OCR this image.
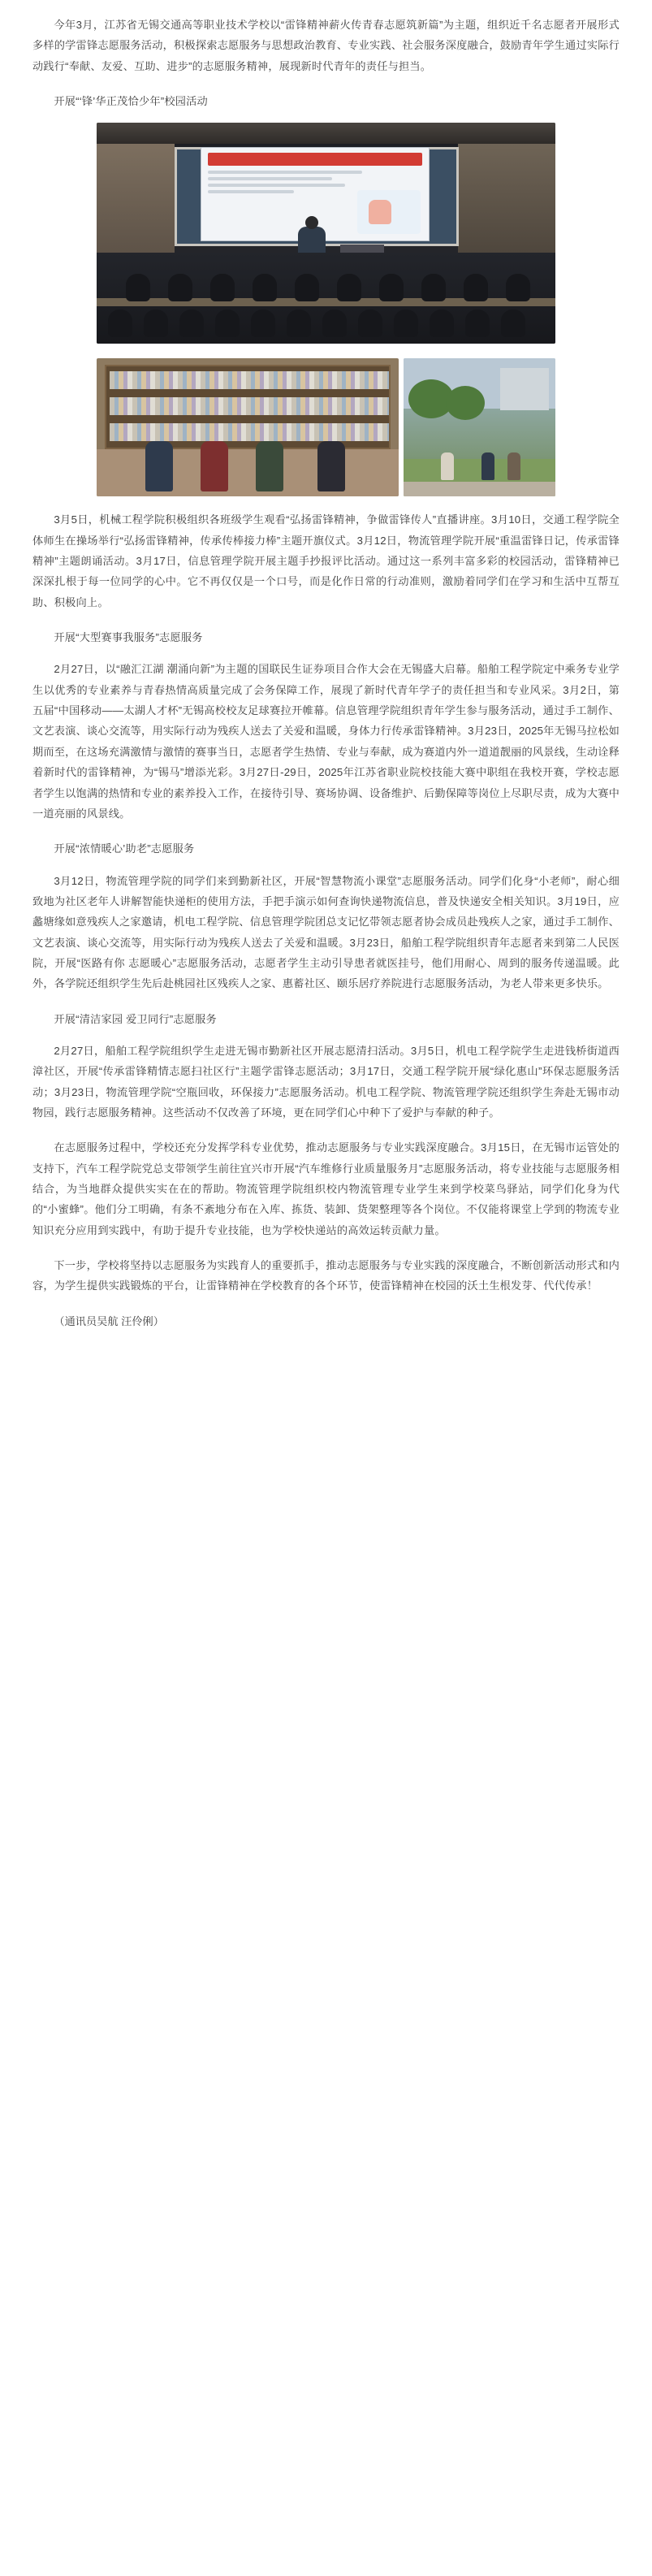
今年3月，江苏省无锡交通高等职业技术学校以“雷锋精神薪火传青春志愿筑新篇”为主题，组织近千名志愿者开展形式多样的学雷锋志愿服务活动，积极探索志愿服务与思想政治教育、专业实践、社会服务深度融合，鼓励青年学生通过实际行动践行“奉献、友爱、互助、进步”的志愿服务精神，展现新时代青年的责任与担当。

开展“‘锋’华正茂恰少年”校园活动

3月5日，机械工程学院积极组织各班级学生观看“弘扬雷锋精神，争做雷锋传人”直播讲座。3月10日，交通工程学院全体师生在操场举行“弘扬雷锋精神，传承传棒接力棒”主题开旗仪式。3月12日，物流管理学院开展“重温雷锋日记，传承雷锋精神”主题朗诵活动。3月17日，信息管理学院开展主题手抄报评比活动。通过这一系列丰富多彩的校园活动，雷锋精神已深深扎根于每一位同学的心中。它不再仅仅是一个口号，而是化作日常的行动准则，激励着同学们在学习和生活中互帮互助、积极向上。

开展“大型赛事我服务”志愿服务

2月27日，以“融汇江湖 潮涌向新”为主题的国联民生证券项目合作大会在无锡盛大启幕。船舶工程学院定中乘务专业学生以优秀的专业素养与青春热情高质量完成了会务保障工作，展现了新时代青年学子的责任担当和专业风采。3月2日，第五届“中国移动——太湖人才杯”无锡高校校友足球赛拉开帷幕。信息管理学院组织青年学生参与服务活动，通过手工制作、文艺表演、谈心交流等，用实际行动为残疾人送去了关爱和温暖，身体力行传承雷锋精神。3月23日，2025年无锡马拉松如期而至，在这场充满激情与激情的赛事当日，志愿者学生热情、专业与奉献，成为赛道内外一道道靓丽的风景线，生动诠释着新时代的雷锋精神，为“锡马”增添光彩。3月27日-29日，2025年江苏省职业院校技能大赛中职组在我校开赛，学校志愿者学生以饱满的热情和专业的素养投入工作，在接待引导、赛场协调、设备维护、后勤保障等岗位上尽职尽责，成为大赛中一道亮丽的风景线。

开展“浓情暖心’助老”志愿服务

3月12日，物流管理学院的同学们来到勤新社区，开展“智慧物流小课堂”志愿服务活动。同学们化身“小老师”，耐心细致地为社区老年人讲解智能快递柜的使用方法，手把手演示如何查询快递物流信息，普及快递安全相关知识。3月19日，应蠡塘缘如意残疾人之家邀请，机电工程学院、信息管理学院团总支记忆带领志愿者协会成员赴残疾人之家，通过手工制作、文艺表演、谈心交流等，用实际行动为残疾人送去了关爱和温暖。3月23日，船舶工程学院组织青年志愿者来到第二人民医院，开展“医路有你 志愿暖心”志愿服务活动，志愿者学生主动引导患者就医挂号，他们用耐心、周到的服务传递温暖。此外，各学院还组织学生先后赴桃园社区残疾人之家、惠蓄社区、颐乐居疗养院进行志愿服务活动，为老人带来更多快乐。

开展“清洁家园 爱卫同行”志愿服务

2月27日，船舶工程学院组织学生走进无锡市勤新社区开展志愿清扫活动。3月5日，机电工程学院学生走进钱桥街道西漳社区，开展“传承雷锋精情志愿扫社区行”主题学雷锋志愿活动；3月17日，交通工程学院开展“绿化惠山”环保志愿服务活动；3月23日，物流管理学院“空瓶回收，环保接力”志愿服务活动。机电工程学院、物流管理学院还组织学生奔赴无锡市动物园，践行志愿服务精神。这些活动不仅改善了环境，更在同学们心中种下了爱护与奉献的种子。

在志愿服务过程中，学校还充分发挥学科专业优势，推动志愿服务与专业实践深度融合。3月15日，在无锡市运管处的支持下，汽车工程学院党总支带领学生前往宜兴市开展“汽车维修行业质量服务月”志愿服务活动，将专业技能与志愿服务相结合，为当地群众提供实实在在的帮助。物流管理学院组织校内物流管理专业学生来到学校菜鸟驿站，同学们化身为代的“小蜜蜂”。他们分工明确，有条不紊地分布在入库、拣货、装卸、货架整理等各个岗位。不仅能将课堂上学到的物流专业知识充分应用到实践中，有助于提升专业技能，也为学校快递站的高效运转贡献力量。

下一步，学校将坚持以志愿服务为实践育人的重要抓手，推动志愿服务与专业实践的深度融合，不断创新活动形式和内容，为学生提供实践锻炼的平台，让雷锋精神在学校教育的各个环节，使雷锋精神在校园的沃土生根发芽、代代传承！

（通讯员吴航 汪伶俐）
